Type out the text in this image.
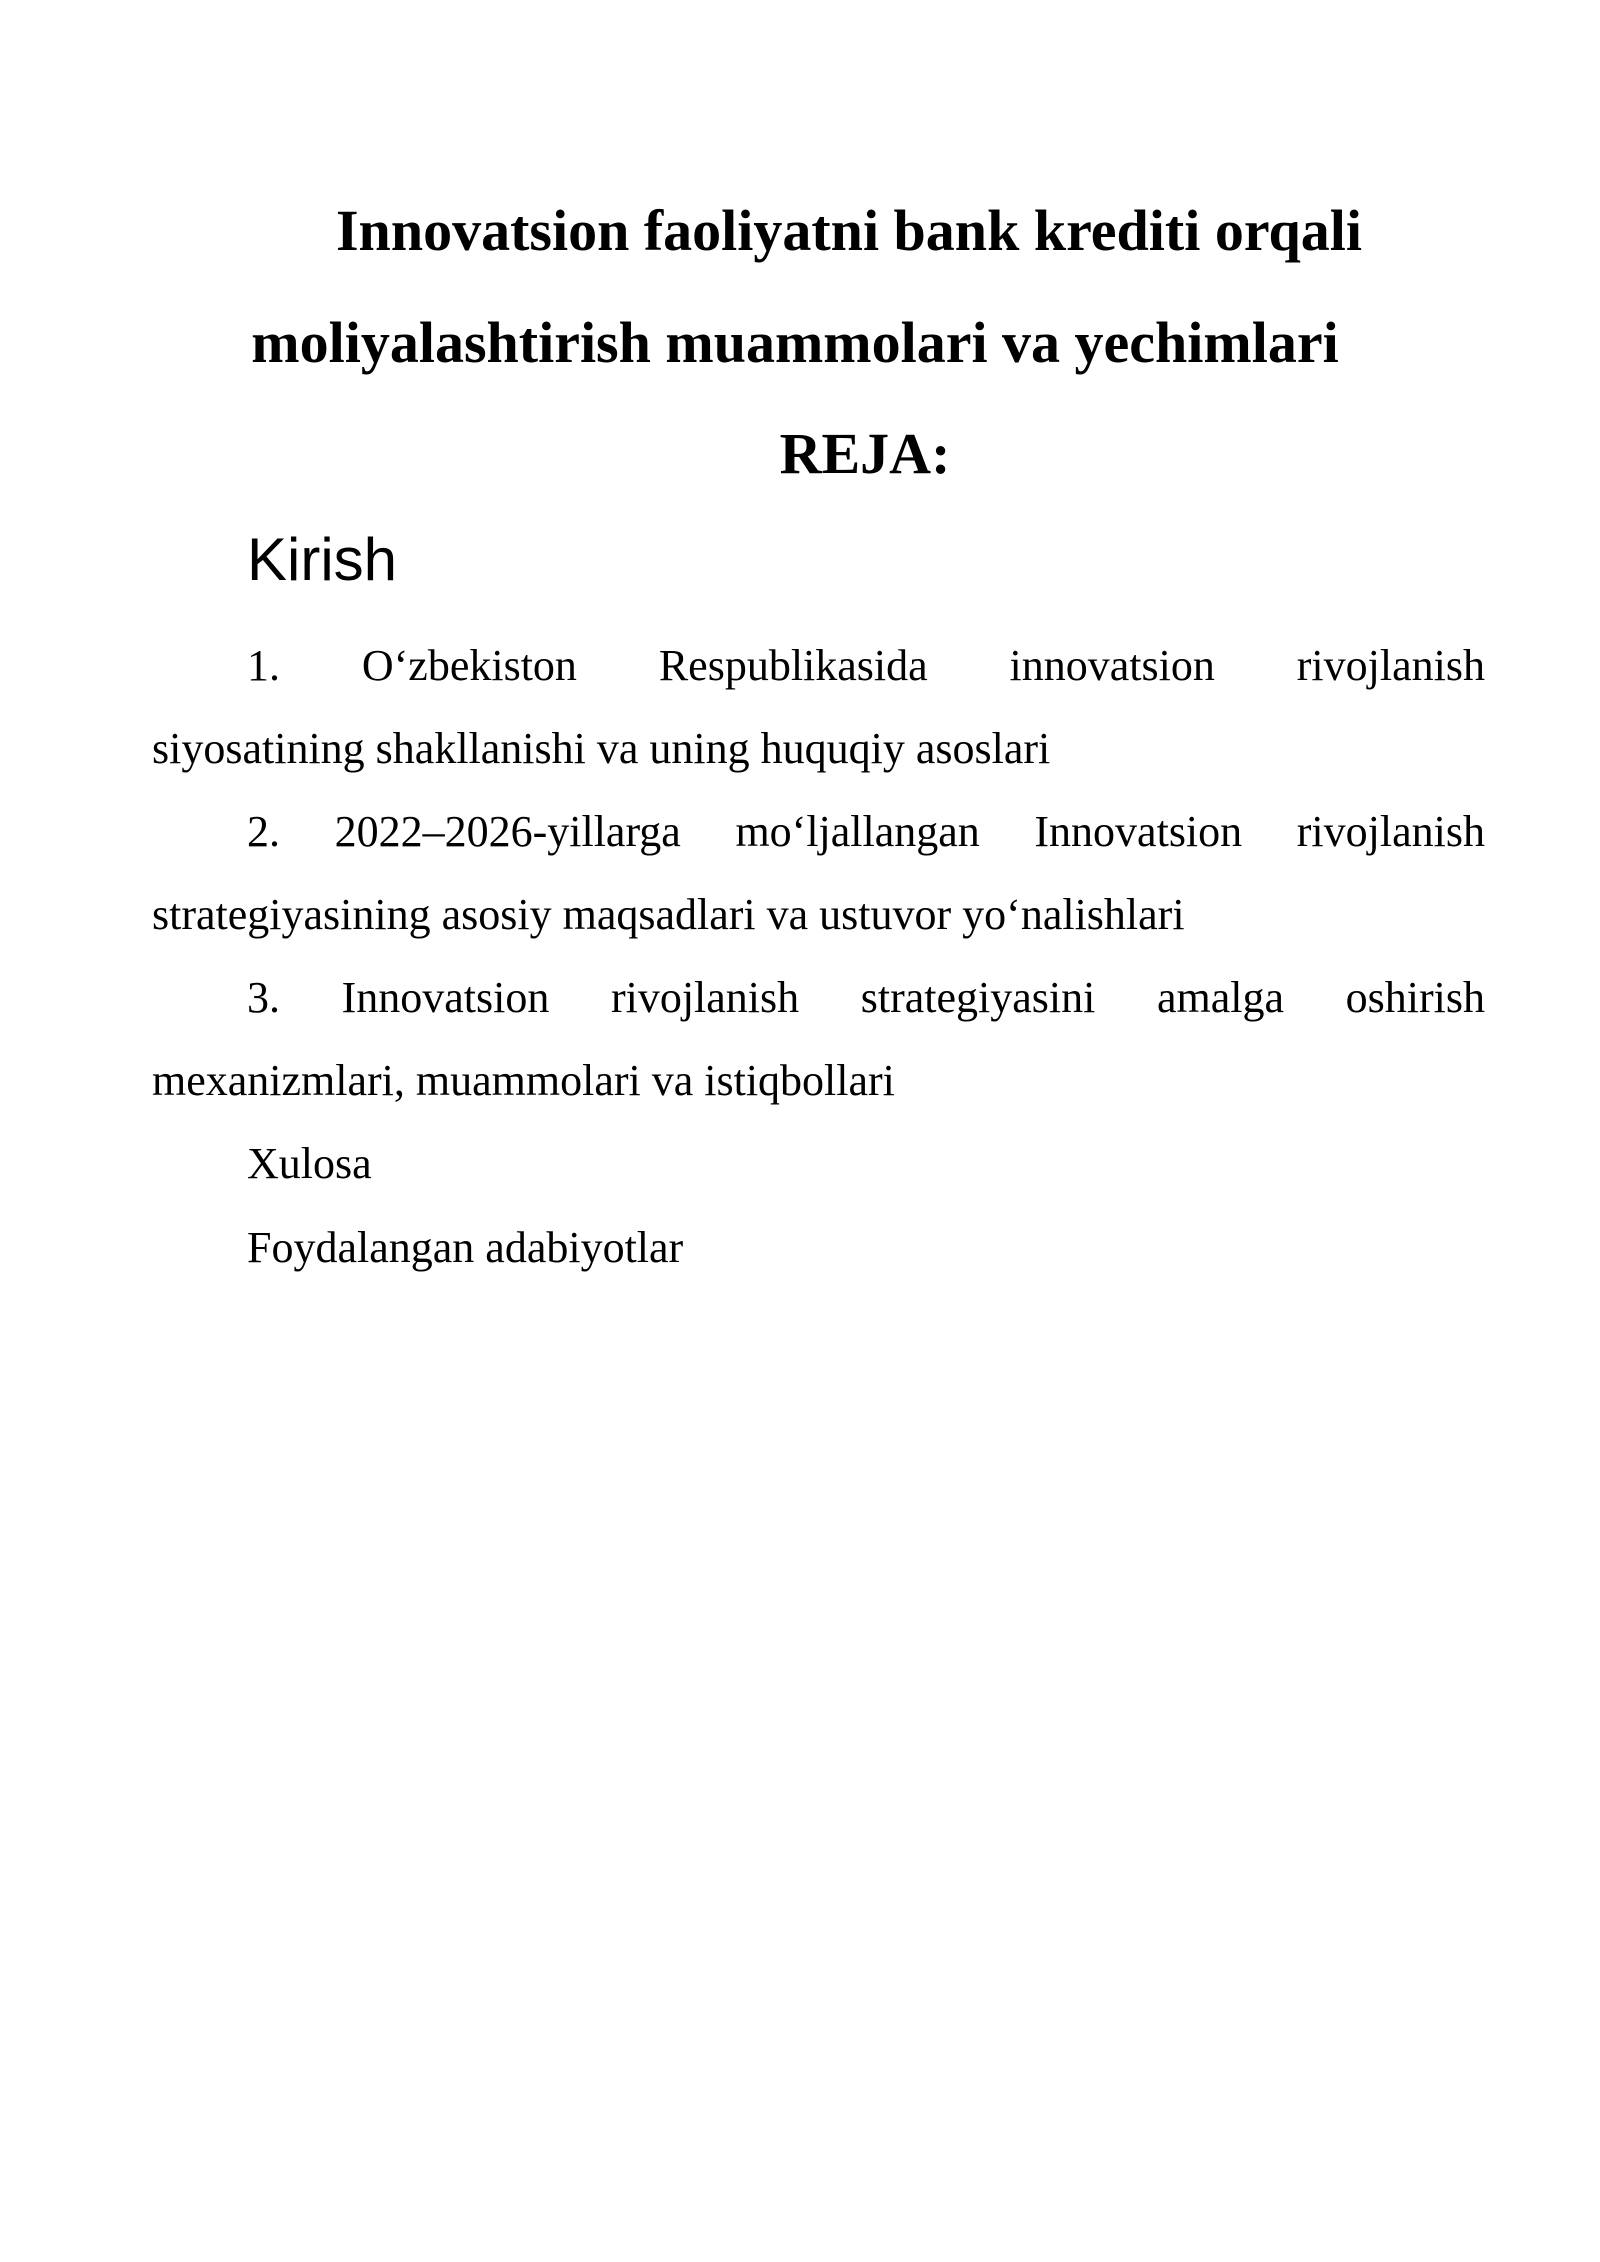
Innovatsion faoliyatni bank krediti orqali
moliyalashtirish muammolari va yechimlari
REJA:
Kirish
1. O‘zbekiston Respublikasida innovatsion rivojlanish
siyosatining shakllanishi va uning huquqiy asoslari
2. 2022–2026-yillarga mo‘ljallangan Innovatsion rivojlanish
strategiyasining asosiy maqsadlari va ustuvor yo‘nalishlari
3. Innovatsion rivojlanish strategiyasini amalga oshirish
mexanizmlari, muammolari va istiqbollari
Xulosa
Foydalangan adabiyotlar
